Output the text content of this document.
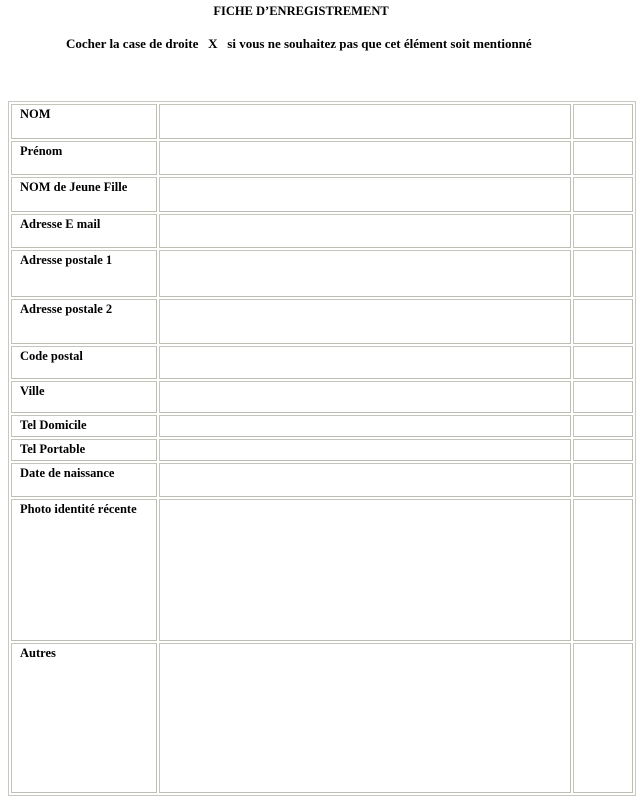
FICHE D’ENREGISTREMENT
Cocher la case de droite   X   si vous ne souhaitez pas que cet élément soit mentionné
NOM		
Prénom		
NOM de Jeune Fille		
Adresse E mail		
Adresse postale 1		
Adresse postale 2		
Code postal		
Ville		
Tel Domicile		
Tel Portable		
Date de naissance		
Photo identité récente		
Autres		
